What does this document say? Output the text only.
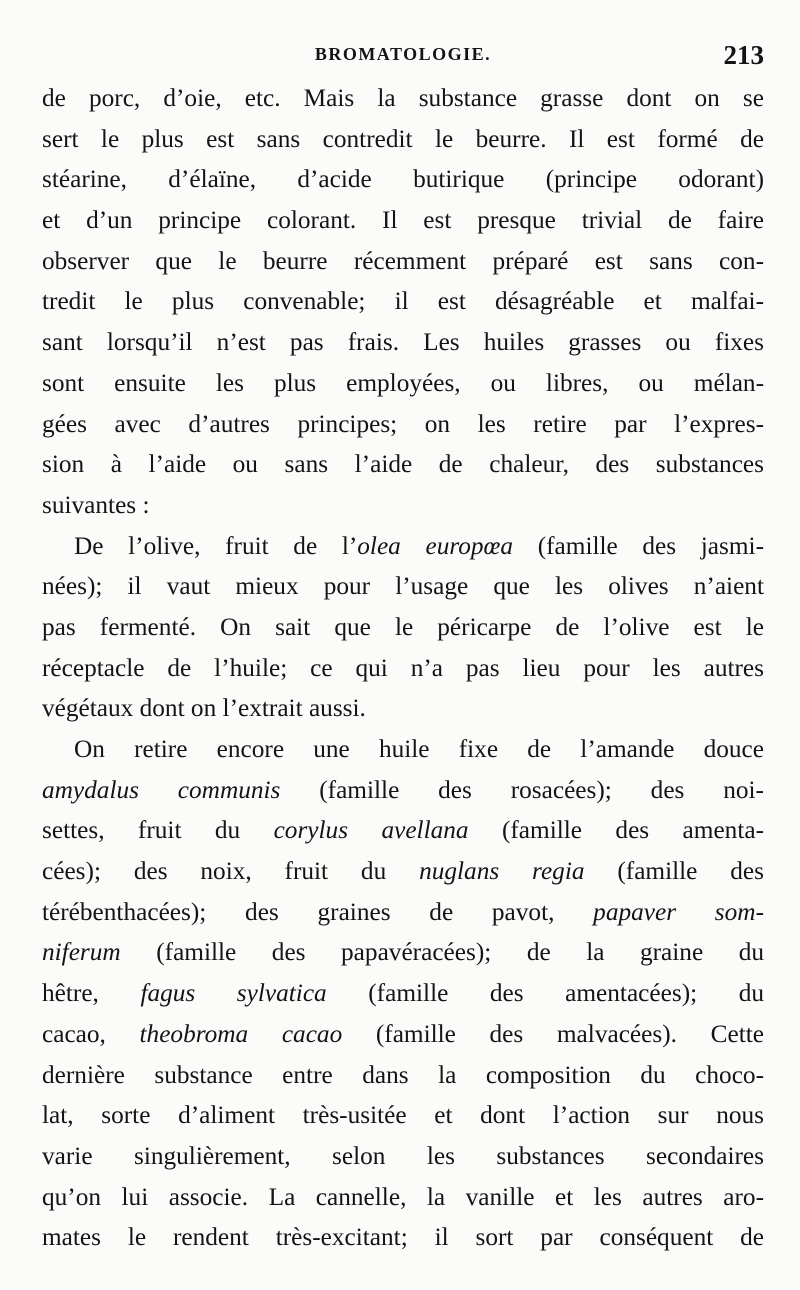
BROMATOLOGIE.	213
de porc, d’oie, etc. Mais la substance grasse dont on se
sert le plus est sans contredit le beurre. Il est formé de
stéarine, d’élaïne, d’acide butirique (principe odorant)
et d’un principe colorant. Il est presque trivial de faire
observer que le beurre récemment préparé est sans con-
tredit le plus convenable; il est désagréable et malfai-
sant lorsqu’il n’est pas frais. Les huiles grasses ou fixes
sont ensuite les plus employées, ou libres, ou mélan-
gées avec d’autres principes; on les retire par l’expres-
sion à l’aide ou sans l’aide de chaleur, des substances
suivantes :
De l’olive, fruit de l’olea europœa (famille des jasmi-
nées); il vaut mieux pour l’usage que les olives n’aient
pas fermenté. On sait que le péricarpe de l’olive est le
réceptacle de l’huile; ce qui n’a pas lieu pour les autres
végétaux dont on l’extrait aussi.
On retire encore une huile fixe de l’amande douce
amydalus communis (famille des rosacées); des noi-
settes, fruit du corylus avellana (famille des amenta-
cées); des noix, fruit du nuglans regia (famille des
térébenthacées); des graines de pavot, papaver som-
niferum (famille des papavéracées); de la graine du
hêtre, fagus sylvatica (famille des amentacées); du
cacao, theobroma cacao (famille des malvacées). Cette
dernière substance entre dans la composition du choco-
lat, sorte d’aliment très-usitée et dont l’action sur nous
varie singulièrement, selon les substances secondaires
qu’on lui associe. La cannelle, la vanille et les autres aro-
mates le rendent très-excitant; il sort par conséquent de
